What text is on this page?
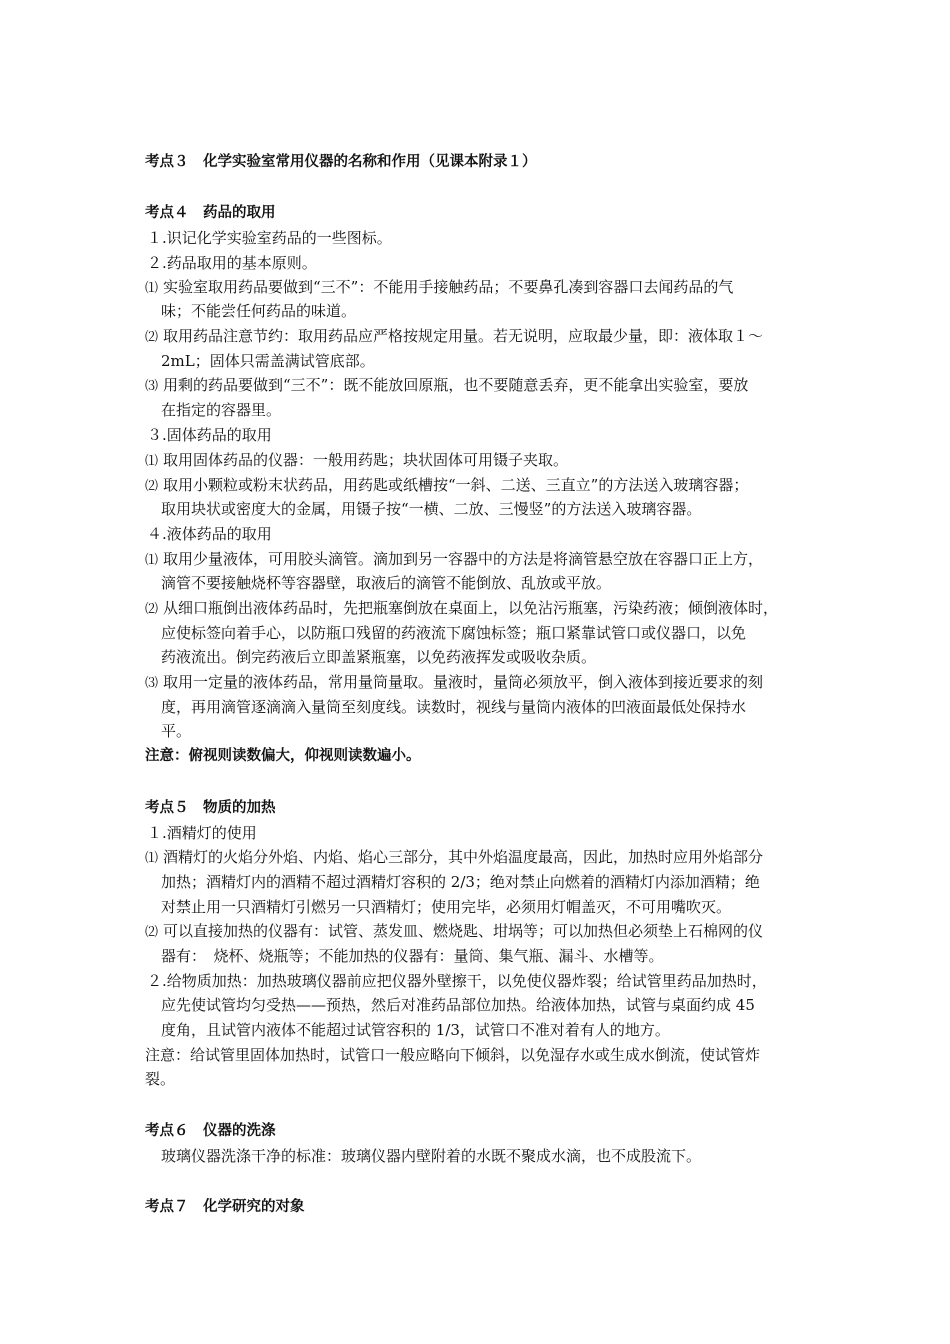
考点３　化学实验室常用仪器的名称和作用（见课本附录１）
考点４　药品的取用
１.识记化学实验室药品的一些图标。
２.药品取用的基本原则。
⑴ 实验室取用药品要做到“三不”：不能用手接触药品；不要鼻孔凑到容器口去闻药品的气
味；不能尝任何药品的味道。
⑵ 取用药品注意节约：取用药品应严格按规定用量。若无说明，应取最少量，即：液体取１～
2mL；固体只需盖满试管底部。
⑶ 用剩的药品要做到“三不”：既不能放回原瓶，也不要随意丢弃，更不能拿出实验室，要放
在指定的容器里。
３.固体药品的取用
⑴ 取用固体药品的仪器：一般用药匙；块状固体可用镊子夹取。
⑵ 取用小颗粒或粉末状药品，用药匙或纸槽按“一斜、二送、三直立”的方法送入玻璃容器；
取用块状或密度大的金属，用镊子按“一横、二放、三慢竖”的方法送入玻璃容器。
４.液体药品的取用
⑴ 取用少量液体，可用胶头滴管。滴加到另一容器中的方法是将滴管悬空放在容器口正上方，
滴管不要接触烧杯等容器壁，取液后的滴管不能倒放、乱放或平放。
⑵ 从细口瓶倒出液体药品时，先把瓶塞倒放在桌面上，以免沾污瓶塞，污染药液；倾倒液体时，
应使标签向着手心，以防瓶口残留的药液流下腐蚀标签；瓶口紧靠试管口或仪器口，以免
药液流出。倒完药液后立即盖紧瓶塞，以免药液挥发或吸收杂质。
⑶ 取用一定量的液体药品，常用量筒量取。量液时，量筒必须放平，倒入液体到接近要求的刻
度，再用滴管逐滴滴入量筒至刻度线。读数时，视线与量筒内液体的凹液面最低处保持水
平。
注意：俯视则读数偏大，仰视则读数遍小。
考点５　物质的加热
１.酒精灯的使用
⑴ 酒精灯的火焰分外焰、内焰、焰心三部分，其中外焰温度最高，因此，加热时应用外焰部分
加热；酒精灯内的酒精不超过酒精灯容积的 2/3；绝对禁止向燃着的酒精灯内添加酒精；绝
对禁止用一只酒精灯引燃另一只酒精灯；使用完毕，必须用灯帽盖灭，不可用嘴吹灭。
⑵ 可以直接加热的仪器有：试管、蒸发皿、燃烧匙、坩埚等；可以加热但必须垫上石棉网的仪
器有：　烧杯、烧瓶等；不能加热的仪器有：量筒、集气瓶、漏斗、水槽等。
２.给物质加热：加热玻璃仪器前应把仪器外壁擦干，以免使仪器炸裂；给试管里药品加热时，
应先使试管均匀受热——预热，然后对准药品部位加热。给液体加热，试管与桌面约成 45
度角，且试管内液体不能超过试管容积的 1/3，试管口不准对着有人的地方。
注意：给试管里固体加热时，试管口一般应略向下倾斜，以免湿存水或生成水倒流，使试管炸
裂。
考点６　仪器的洗涤
玻璃仪器洗涤干净的标准：玻璃仪器内壁附着的水既不聚成水滴，也不成股流下。
考点７　化学研究的对象
